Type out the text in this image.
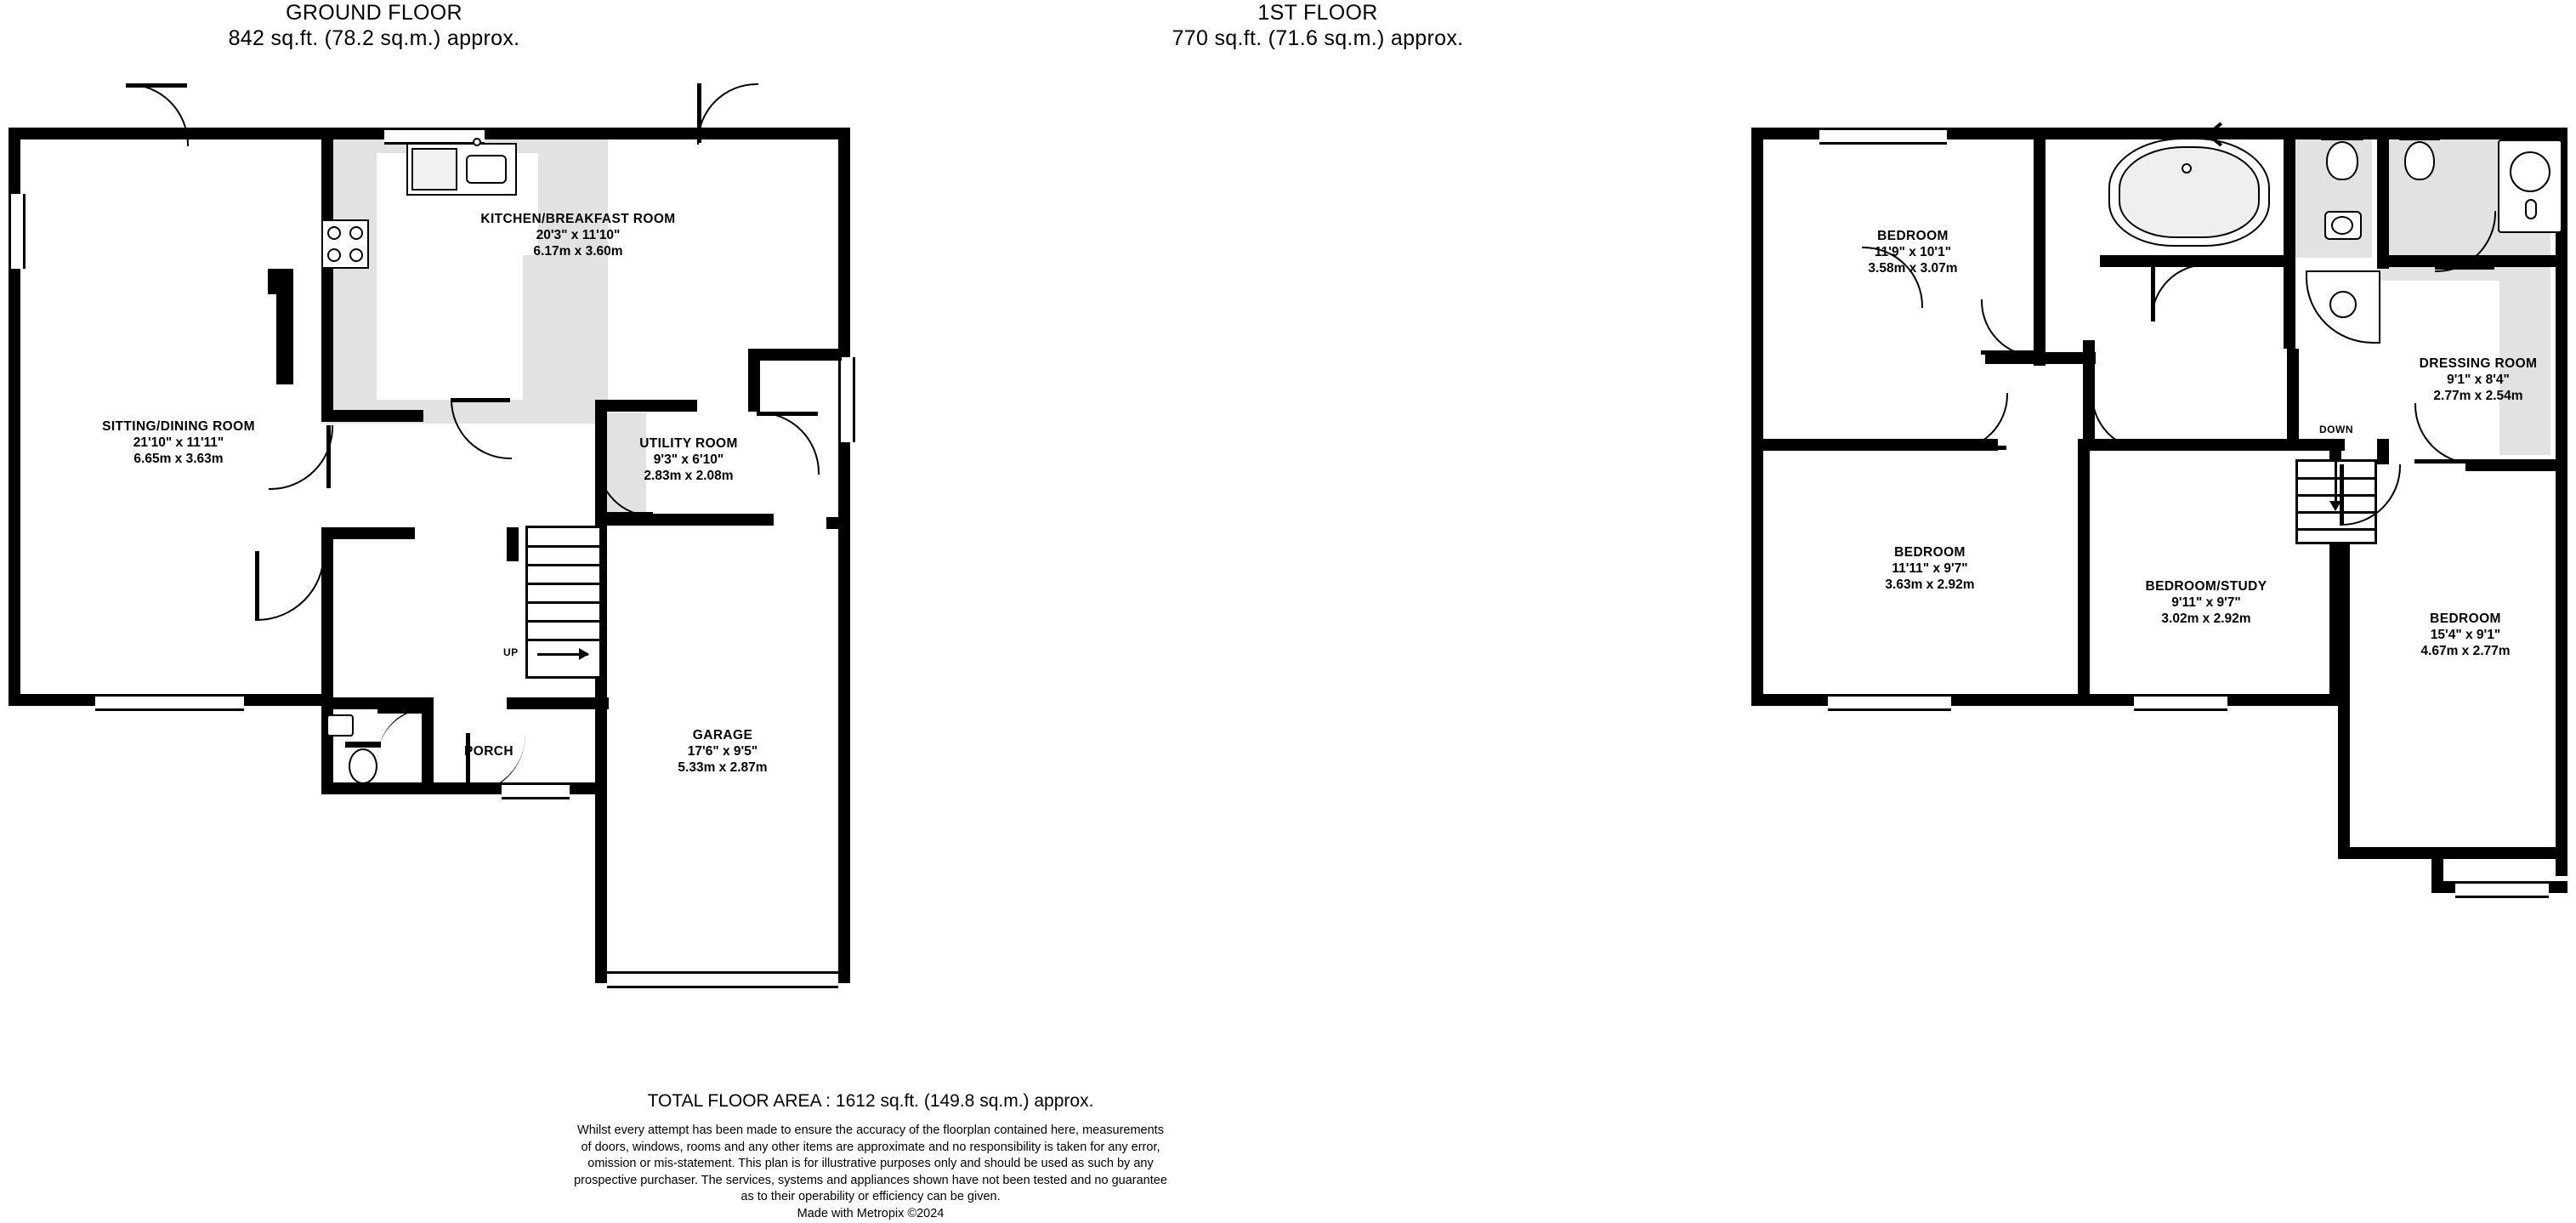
GROUND FLOOR
842 sq.ft. (78.2 sq.m.) approx.
1ST FLOOR
770 sq.ft. (71.6 sq.m.) approx.
UP
KITCHEN/BREAKFAST ROOM
20'3" x 11'10"
6.17m x 3.60m
SITTING/DINING ROOM
21'10" x 11'11"
6.65m x 3.63m
UTILITY ROOM
9'3" x 6'10"
2.83m x 2.08m
GARAGE
17'6" x 9'5"
5.33m x 2.87m
PORCH
DOWN
BEDROOM
11'9" x 10'1"
3.58m x 3.07m
DRESSING ROOM
9'1" x 8'4"
2.77m x 2.54m
BEDROOM
11'11" x 9'7"
3.63m x 2.92m	BEDROOM/STUDY
9'11" x 9'7"
3.02m x 2.92m	BEDROOM
15'4" x 9'1"
4.67m x 2.77m
TOTAL FLOOR AREA : 1612 sq.ft. (149.8 sq.m.) approx.
Whilst every attempt has been made to ensure the accuracy of the floorplan contained here, measurements
of doors, windows, rooms and any other items are approximate and no responsibility is taken for any error,
omission or mis-statement. This plan is for illustrative purposes only and should be used as such by any
prospective purchaser. The services, systems and appliances shown have not been tested and no guarantee
as to their operability or efficiency can be given.
Made with Metropix ©2024
